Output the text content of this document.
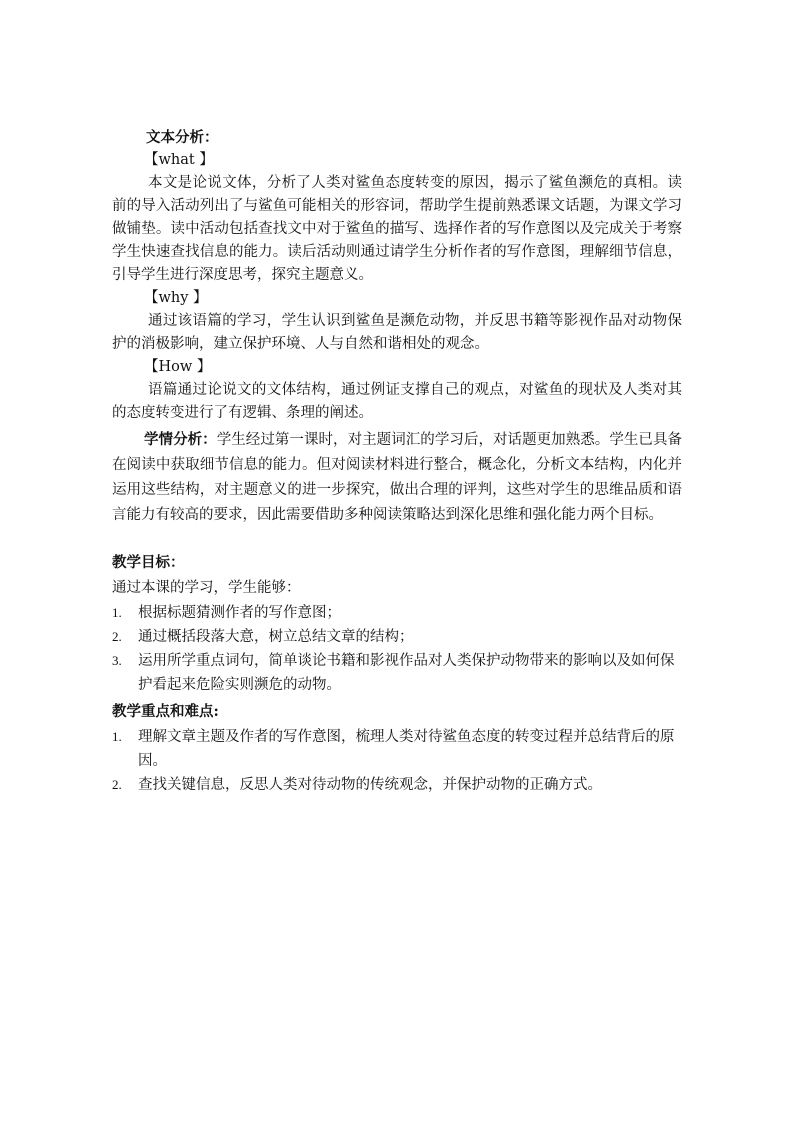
文本分析：

【what 】

本文是论说文体，分析了人类对鲨鱼态度转变的原因，揭示了鲨鱼濒危的真相。读前的导入活动列出了与鲨鱼可能相关的形容词，帮助学生提前熟悉课文话题，为课文学习做铺垫。读中活动包括查找文中对于鲨鱼的描写、选择作者的写作意图以及完成关于考察学生快速查找信息的能力。读后活动则通过请学生分析作者的写作意图，理解细节信息，引导学生进行深度思考，探究主题意义。

【why 】

通过该语篇的学习，学生认识到鲨鱼是濒危动物，并反思书籍等影视作品对动物保护的消极影响，建立保护环境、人与自然和谐相处的观念。

【How 】

语篇通过论说文的文体结构，通过例证支撑自己的观点，对鲨鱼的现状及人类对其的态度转变进行了有逻辑、条理的阐述。

学情分析：学生经过第一课时，对主题词汇的学习后，对话题更加熟悉。学生已具备在阅读中获取细节信息的能力。但对阅读材料进行整合，概念化，分析文本结构，内化并运用这些结构，对主题意义的进一步探究，做出合理的评判，这些对学生的思维品质和语言能力有较高的要求，因此需要借助多种阅读策略达到深化思维和强化能力两个目标。

教学目标：

通过本课的学习，学生能够：

1. 根据标题猜测作者的写作意图；

2. 通过概括段落大意，树立总结文章的结构；

3. 运用所学重点词句，简单谈论书籍和影视作品对人类保护动物带来的影响以及如何保护看起来危险实则濒危的动物。

教学重点和难点:

1. 理解文章主题及作者的写作意图，梳理人类对待鲨鱼态度的转变过程并总结背后的原因。

2. 查找关键信息，反思人类对待动物的传统观念，并保护动物的正确方式。
